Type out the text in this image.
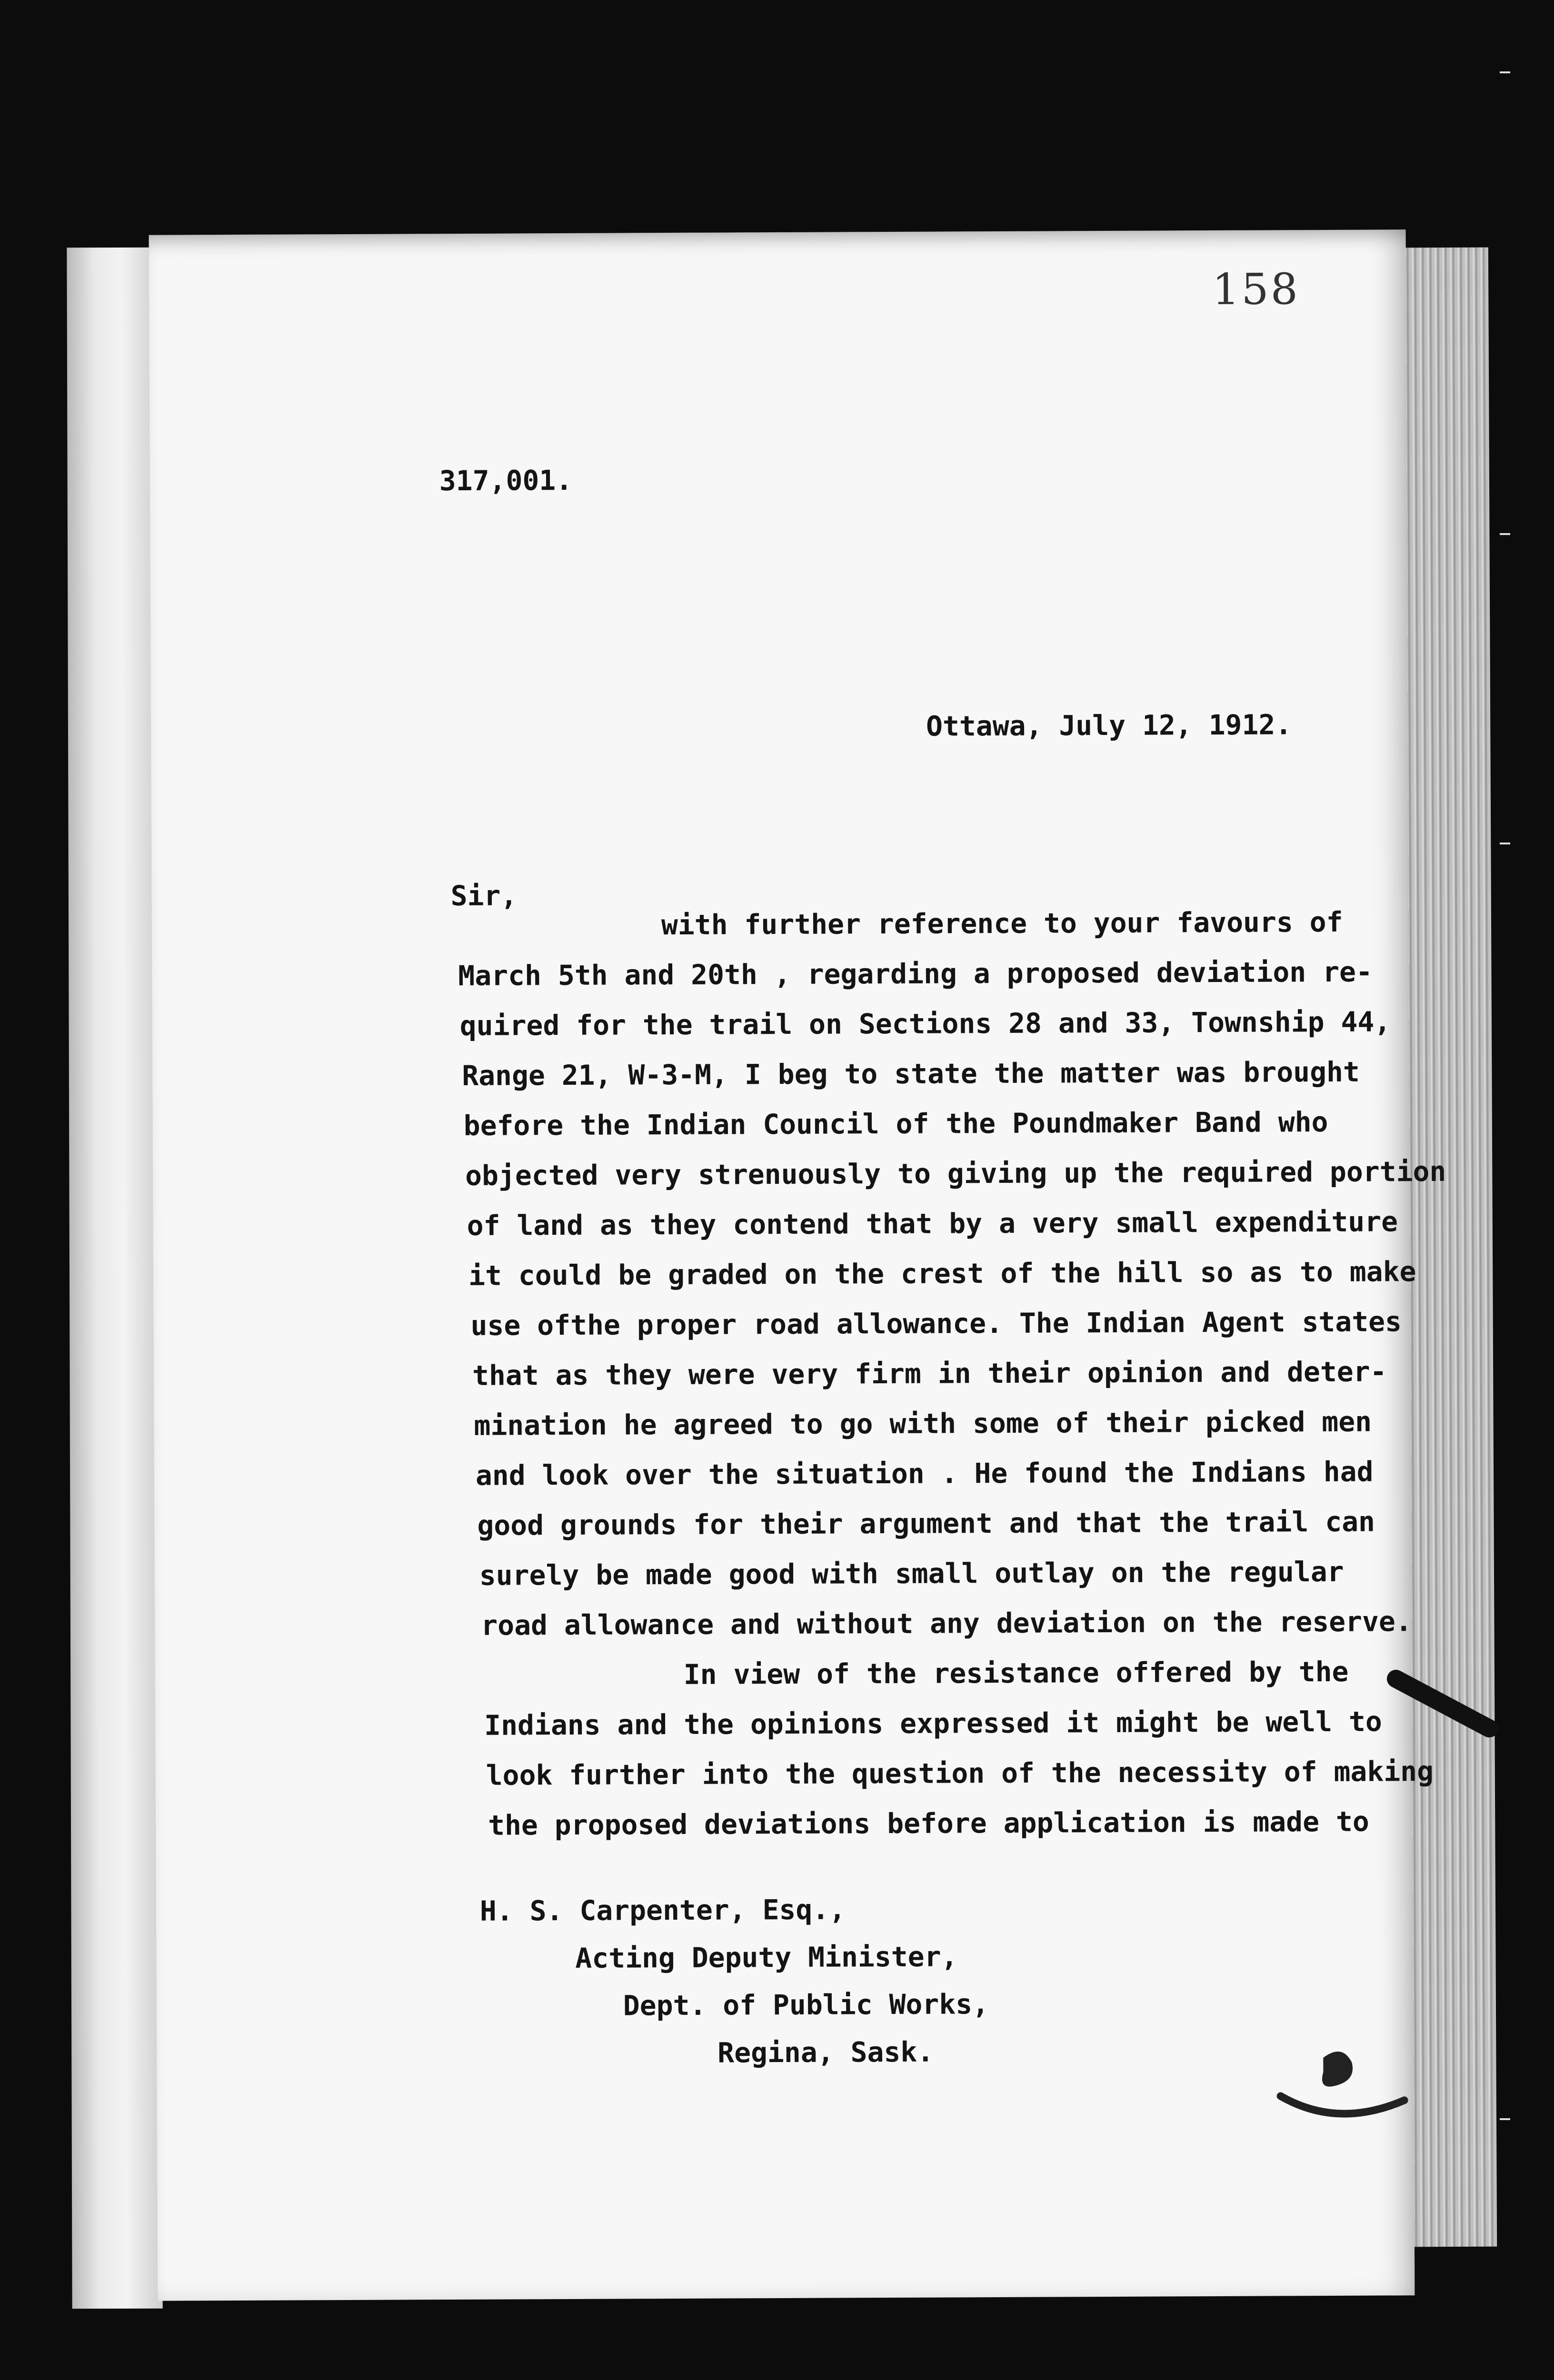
158
317,001.
Ottawa, July 12, 1912.
Sir,
with further reference to your favours of
March 5th and 20th , regarding a proposed deviation re-
quired for the trail on Sections 28 and 33, Township 44,
Range 21, W-3-M, I beg to state the matter was brought
before the Indian Council of the Poundmaker Band who
objected very strenuously to giving up the required portion
of land as they contend that by a very small expenditure
it could be graded on the crest of the hill so as to make
use ofthe proper road allowance. The Indian Agent states
that as they were very firm in their opinion and deter-
mination he agreed to go with some of their picked men
and look over the situation . He found the Indians had
good grounds for their argument and that the trail can
surely be made good with small outlay on the regular
road allowance and without any deviation on the reserve.
In view of the resistance offered by the
Indians and the opinions expressed it might be well to
look further into the question of the necessity of making
the proposed deviations before application is made to
H. S. Carpenter, Esq.,
Acting Deputy Minister,
Dept. of Public Works,
Regina, Sask.
